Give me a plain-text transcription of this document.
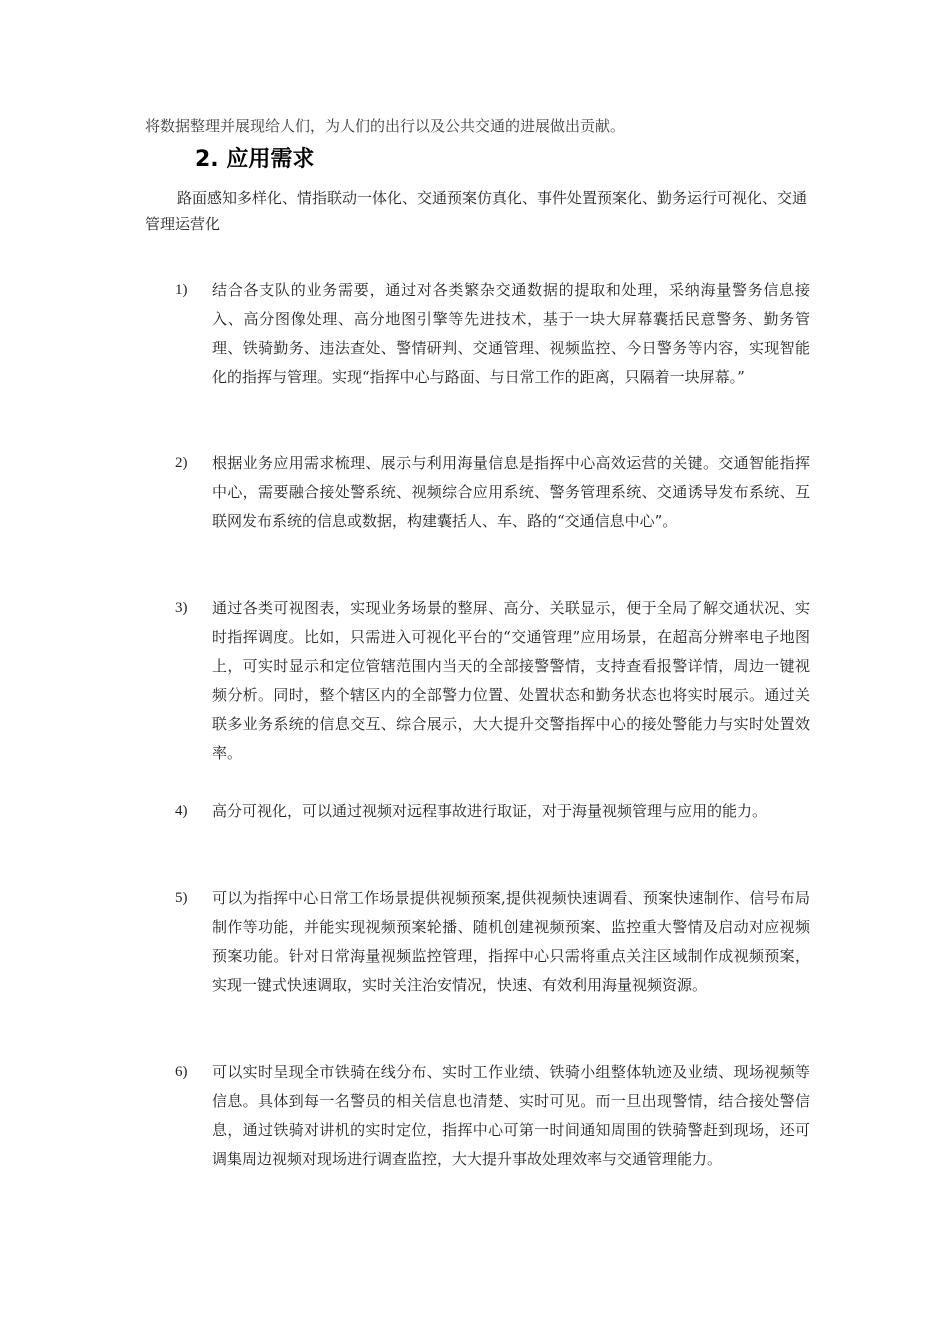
将数据整理并展现给人们，为人们的出行以及公共交通的进展做出贡献。
2. 应用需求
路面感知多样化、情指联动一体化、交通预案仿真化、事件处置预案化、勤务运行可视化、交通管理运营化
1)	结合各支队的业务需要，通过对各类繁杂交通数据的提取和处理，采纳海量警务信息接入、高分图像处理、高分地图引擎等先进技术，基于一块大屏幕囊括民意警务、勤务管理、铁骑勤务、违法查处、警情研判、交通管理、视频监控、今日警务等内容，实现智能化的指挥与管理。实现“指挥中心与路面、与日常工作的距离，只隔着一块屏幕。”
2)	根据业务应用需求梳理、展示与利用海量信息是指挥中心高效运营的关键。交通智能指挥中心，需要融合接处警系统、视频综合应用系统、警务管理系统、交通诱导发布系统、互联网发布系统的信息或数据，构建囊括人、车、路的“交通信息中心”。
3)	通过各类可视图表，实现业务场景的整屏、高分、关联显示，便于全局了解交通状况、实时指挥调度。比如，只需进入可视化平台的“交通管理”应用场景，在超高分辨率电子地图上，可实时显示和定位管辖范围内当天的全部接警警情，支持查看报警详情，周边一键视频分析。同时，整个辖区内的全部警力位置、处置状态和勤务状态也将实时展示。通过关联多业务系统的信息交互、综合展示，大大提升交警指挥中心的接处警能力与实时处置效率。
4)	高分可视化，可以通过视频对远程事故进行取证，对于海量视频管理与应用的能力。
5)	可以为指挥中心日常工作场景提供视频预案,提供视频快速调看、预案快速制作、信号布局制作等功能，并能实现视频预案轮播、随机创建视频预案、监控重大警情及启动对应视频预案功能。针对日常海量视频监控管理，指挥中心只需将重点关注区域制作成视频预案，实现一键式快速调取，实时关注治安情况，快速、有效利用海量视频资源。
6)	可以实时呈现全市铁骑在线分布、实时工作业绩、铁骑小组整体轨迹及业绩、现场视频等信息。具体到每一名警员的相关信息也清楚、实时可见。而一旦出现警情，结合接处警信息，通过铁骑对讲机的实时定位，指挥中心可第一时间通知周围的铁骑警赶到现场，还可调集周边视频对现场进行调查监控，大大提升事故处理效率与交通管理能力。
